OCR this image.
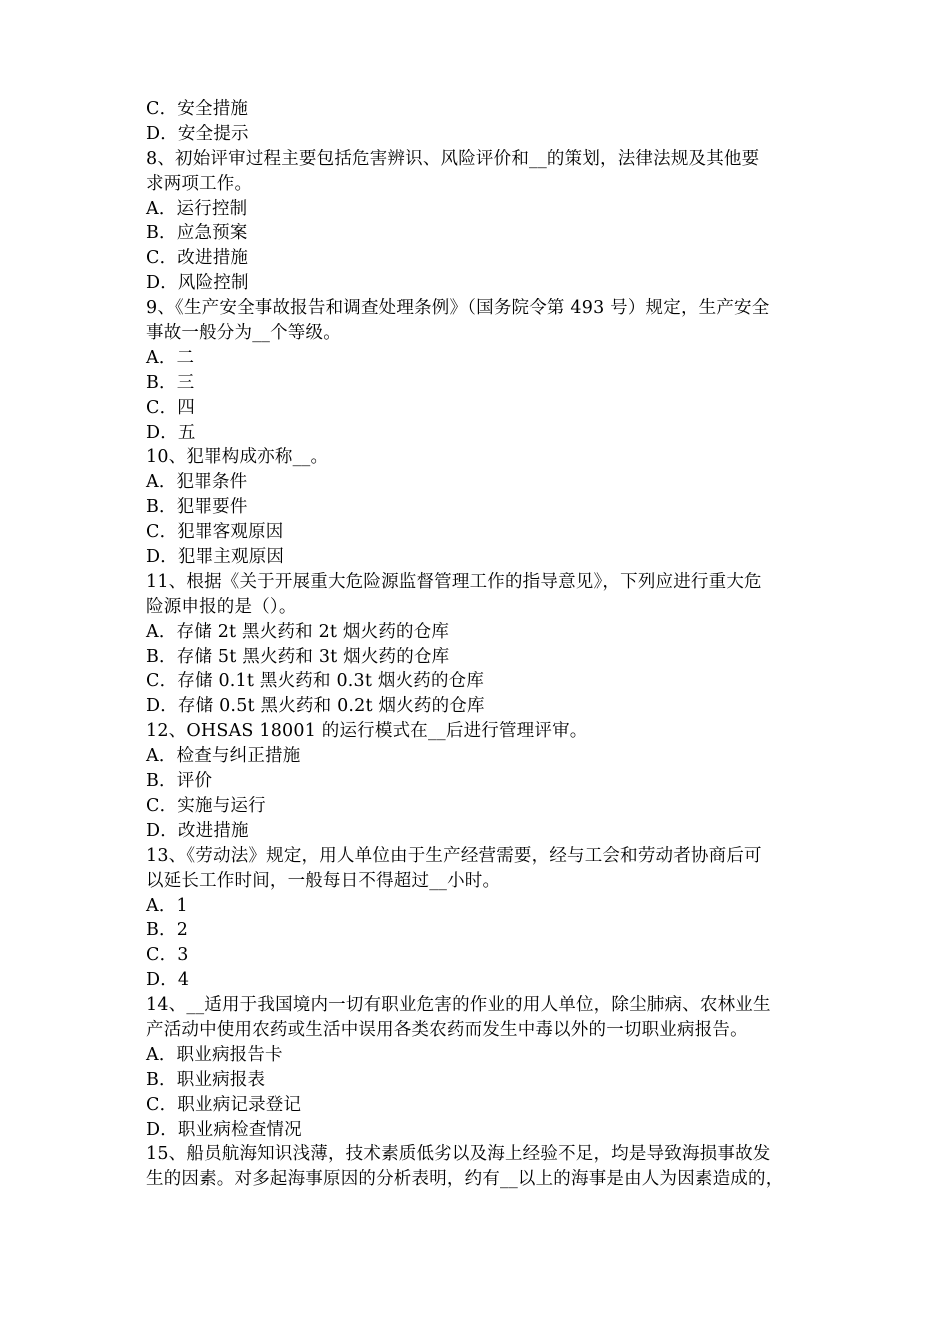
C．安全措施
D．安全提示
8、初始评审过程主要包括危害辨识、风险评价和__的策划，法律法规及其他要
求两项工作。
A．运行控制
B．应急预案
C．改进措施
D．风险控制
9、《生产安全事故报告和调查处理条例》（国务院令第 493 号）规定，生产安全
事故一般分为__个等级。
A．二
B．三
C．四
D．五
10、犯罪构成亦称__。
A．犯罪条件
B．犯罪要件
C．犯罪客观原因
D．犯罪主观原因
11、根据《关于开展重大危险源监督管理工作的指导意见》，下列应进行重大危
险源申报的是（）。
A．存储 2t 黑火药和 2t 烟火药的仓库
B．存储 5t 黑火药和 3t 烟火药的仓库
C．存储 0.1t 黑火药和 0.3t 烟火药的仓库
D．存储 0.5t 黑火药和 0.2t 烟火药的仓库
12、OHSAS 18001 的运行模式在__后进行管理评审。
A．检查与纠正措施
B．评价
C．实施与运行
D．改进措施
13、《劳动法》规定，用人单位由于生产经营需要，经与工会和劳动者协商后可
以延长工作时间，一般每日不得超过__小时。
A．1
B．2
C．3
D．4
14、__适用于我国境内一切有职业危害的作业的用人单位，除尘肺病、农林业生
产活动中使用农药或生活中误用各类农药而发生中毒以外的一切职业病报告。
A．职业病报告卡
B．职业病报表
C．职业病记录登记
D．职业病检查情况
15、船员航海知识浅薄，技术素质低劣以及海上经验不足，均是导致海损事故发
生的因素。对多起海事原因的分析表明，约有__以上的海事是由人为因素造成的，
